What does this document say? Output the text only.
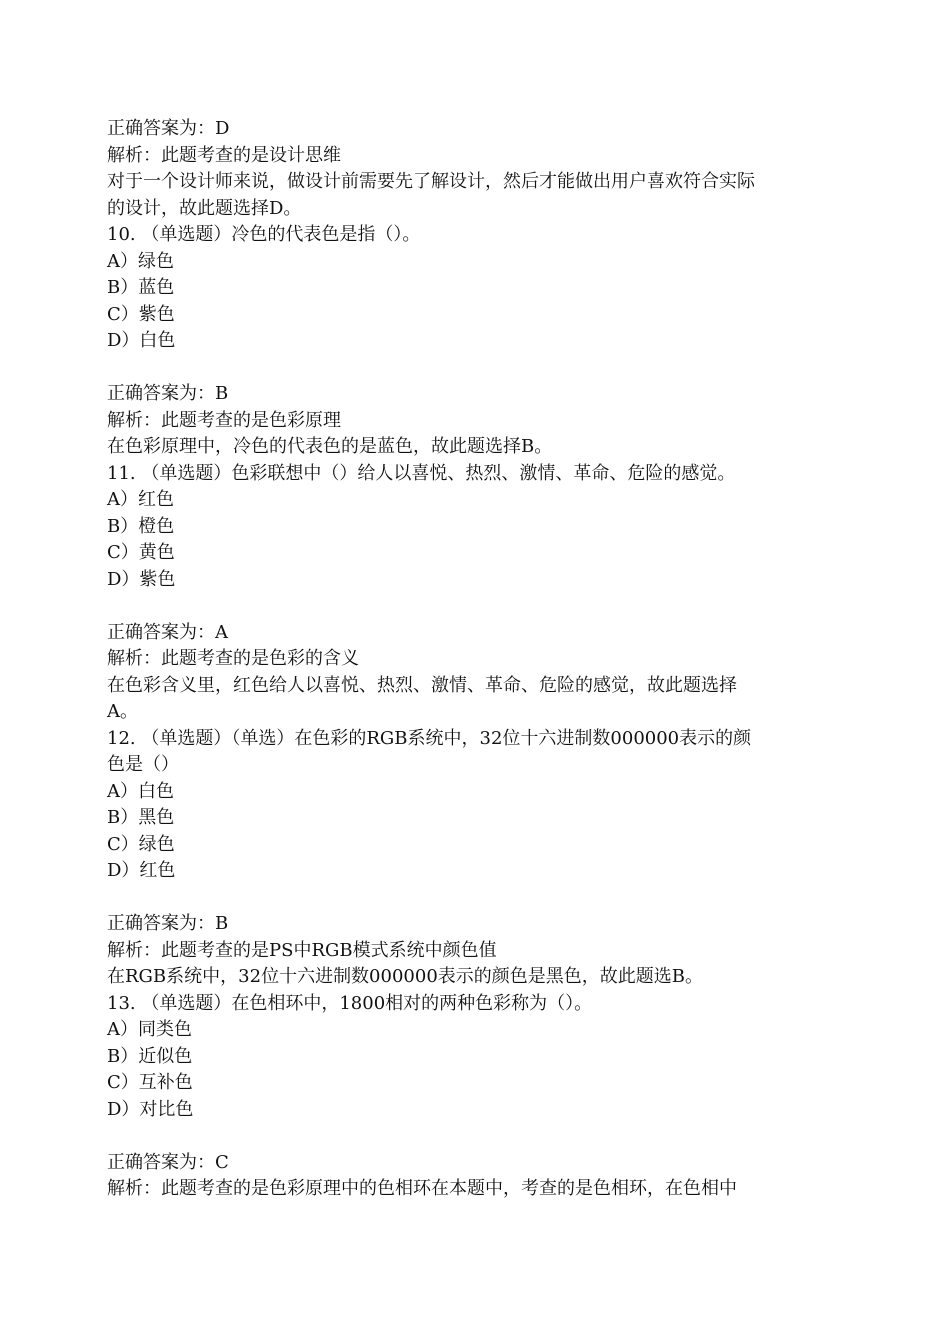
正确答案为：D
解析：此题考查的是设计思维
对于一个设计师来说，做设计前需要先了解设计，然后才能做出用户喜欢符合实际
的设计，故此题选择D。
10. （单选题）冷色的代表色是指（）。
A）绿色
B）蓝色
C）紫色
D）白色
正确答案为：B
解析：此题考查的是色彩原理
在色彩原理中，冷色的代表色的是蓝色，故此题选择B。
11. （单选题）色彩联想中（）给人以喜悦、热烈、激情、革命、危险的感觉。
A）红色
B）橙色
C）黄色
D）紫色
正确答案为：A
解析：此题考查的是色彩的含义
在色彩含义里，红色给人以喜悦、热烈、激情、革命、危险的感觉，故此题选择
A。
12. （单选题）（单选）在色彩的RGB系统中，32位十六进制数000000表示的颜
色是（）
A）白色
B）黑色
C）绿色
D）红色
正确答案为：B
解析：此题考查的是PS中RGB模式系统中颜色值
在RGB系统中，32位十六进制数000000表示的颜色是黑色，故此题选B。
13. （单选题）在色相环中，1800相对的两种色彩称为（）。
A）同类色
B）近似色
C）互补色
D）对比色
正确答案为：C
解析：此题考查的是色彩原理中的色相环在本题中，考查的是色相环，在色相中
